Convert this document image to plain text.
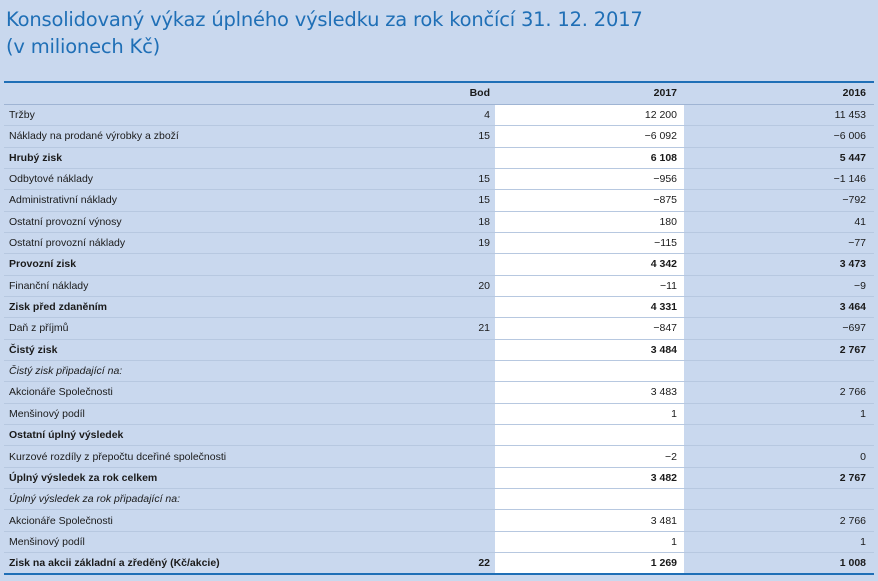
Konsolidovaný výkaz úplného výsledku za rok končící 31. 12. 2017
(v milionech Kč)
	Bod	2017	2016
Tržby	4	12 200	11 453
Náklady na prodané výrobky a zboží	15	−6 092	−6 006
Hrubý zisk		6 108	5 447
Odbytové náklady	15	−956	−1 146
Administrativní náklady	15	−875	−792
Ostatní provozní výnosy	18	180	41
Ostatní provozní náklady	19	−115	−77
Provozní zisk		4 342	3 473
Finanční náklady	20	−11	−9
Zisk před zdaněním		4 331	3 464
Daň z příjmů	21	−847	−697
Čistý zisk		3 484	2 767
Čistý zisk připadající na:			
Akcionáře Společnosti		3 483	2 766
Menšinový podíl		1	1
Ostatní úplný výsledek			
Kurzové rozdíly z přepočtu dceřiné společnosti		−2	0
Úplný výsledek za rok celkem		3 482	2 767
Úplný výsledek za rok připadající na:			
Akcionáře Společnosti		3 481	2 766
Menšinový podíl		1	1
Zisk na akcii základní a zředěný (Kč/akcie)	22	1 269	1 008
